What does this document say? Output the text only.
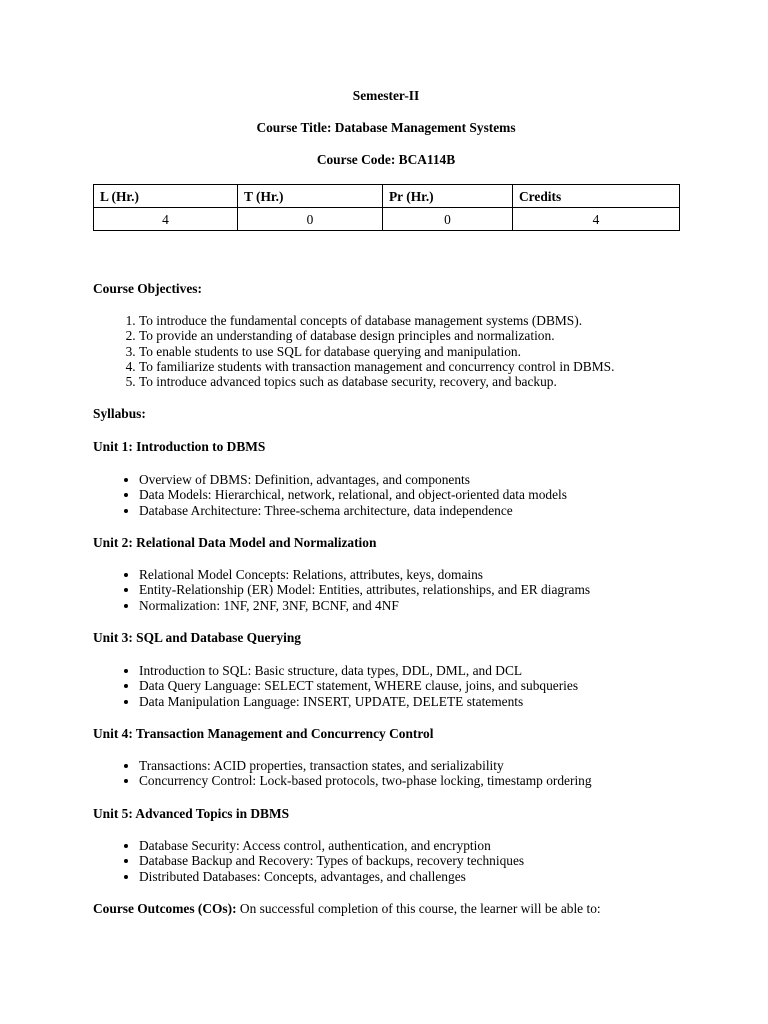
Semester-II
Course Title: Database Management Systems
Course Code: BCA114B
L (Hr.)	T (Hr.)	Pr (Hr.)	Credits
4	0	0	4
Course Objectives:
1. To introduce the fundamental concepts of database management systems (DBMS).
2. To provide an understanding of database design principles and normalization.
3. To enable students to use SQL for database querying and manipulation.
4. To familiarize students with transaction management and concurrency control in DBMS.
5. To introduce advanced topics such as database security, recovery, and backup.
Syllabus:
Unit 1: Introduction to DBMS
• Overview of DBMS: Definition, advantages, and components
• Data Models: Hierarchical, network, relational, and object-oriented data models
• Database Architecture: Three-schema architecture, data independence
Unit 2: Relational Data Model and Normalization
• Relational Model Concepts: Relations, attributes, keys, domains
• Entity-Relationship (ER) Model: Entities, attributes, relationships, and ER diagrams
• Normalization: 1NF, 2NF, 3NF, BCNF, and 4NF
Unit 3: SQL and Database Querying
• Introduction to SQL: Basic structure, data types, DDL, DML, and DCL
• Data Query Language: SELECT statement, WHERE clause, joins, and subqueries
• Data Manipulation Language: INSERT, UPDATE, DELETE statements
Unit 4: Transaction Management and Concurrency Control
• Transactions: ACID properties, transaction states, and serializability
• Concurrency Control: Lock-based protocols, two-phase locking, timestamp ordering
Unit 5: Advanced Topics in DBMS
• Database Security: Access control, authentication, and encryption
• Database Backup and Recovery: Types of backups, recovery techniques
• Distributed Databases: Concepts, advantages, and challenges
Course Outcomes (COs): On successful completion of this course, the learner will be able to:
